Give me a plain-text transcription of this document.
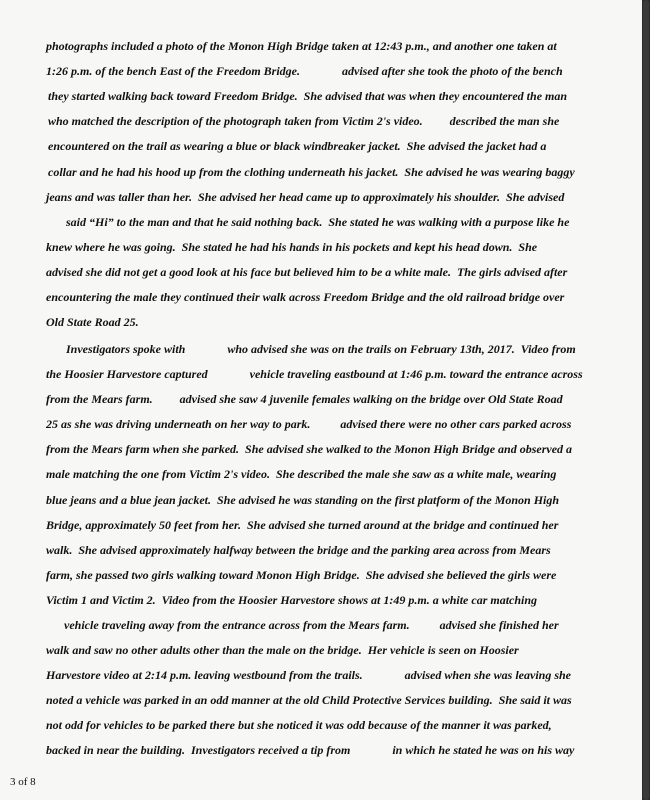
photographs included a photo of the Monon High Bridge taken at 12:43 p.m., and another one taken at
1:26 p.m. of the bench East of the Freedom Bridge.              advised after she took the photo of the bench
they started walking back toward Freedom Bridge.  She advised that was when they encountered the man
who matched the description of the photograph taken from Victim 2's video.         described the man she
encountered on the trail as wearing a blue or black windbreaker jacket.  She advised the jacket had a
collar and he had his hood up from the clothing underneath his jacket.  She advised he was wearing baggy
jeans and was taller than her.  She advised her head came up to approximately his shoulder.  She advised
said “Hi” to the man and that he said nothing back.  She stated he was walking with a purpose like he
knew where he was going.  She stated he had his hands in his pockets and kept his head down.  She
advised she did not get a good look at his face but believed him to be a white male.  The girls advised after
encountering the male they continued their walk across Freedom Bridge and the old railroad bridge over
Old State Road 25.
Investigators spoke with              who advised she was on the trails on February 13th, 2017.  Video from
the Hoosier Harvestore captured              vehicle traveling eastbound at 1:46 p.m. toward the entrance across
from the Mears farm.         advised she saw 4 juvenile females walking on the bridge over Old State Road
25 as she was driving underneath on her way to park.          advised there were no other cars parked across
from the Mears farm when she parked.  She advised she walked to the Monon High Bridge and observed a
male matching the one from Victim 2's video.  She described the male she saw as a white male, wearing
blue jeans and a blue jean jacket.  She advised he was standing on the first platform of the Monon High
Bridge, approximately 50 feet from her.  She advised she turned around at the bridge and continued her
walk.  She advised approximately halfway between the bridge and the parking area across from Mears
farm, she passed two girls walking toward Monon High Bridge.  She advised she believed the girls were
Victim 1 and Victim 2.  Video from the Hoosier Harvestore shows at 1:49 p.m. a white car matching
vehicle traveling away from the entrance across from the Mears farm.          advised she finished her
walk and saw no other adults other than the male on the bridge.  Her vehicle is seen on Hoosier
Harvestore video at 2:14 p.m. leaving westbound from the trails.              advised when she was leaving she
noted a vehicle was parked in an odd manner at the old Child Protective Services building.  She said it was
not odd for vehicles to be parked there but she noticed it was odd because of the manner it was parked,
backed in near the building.  Investigators received a tip from              in which he stated he was on his way
3 of 8
